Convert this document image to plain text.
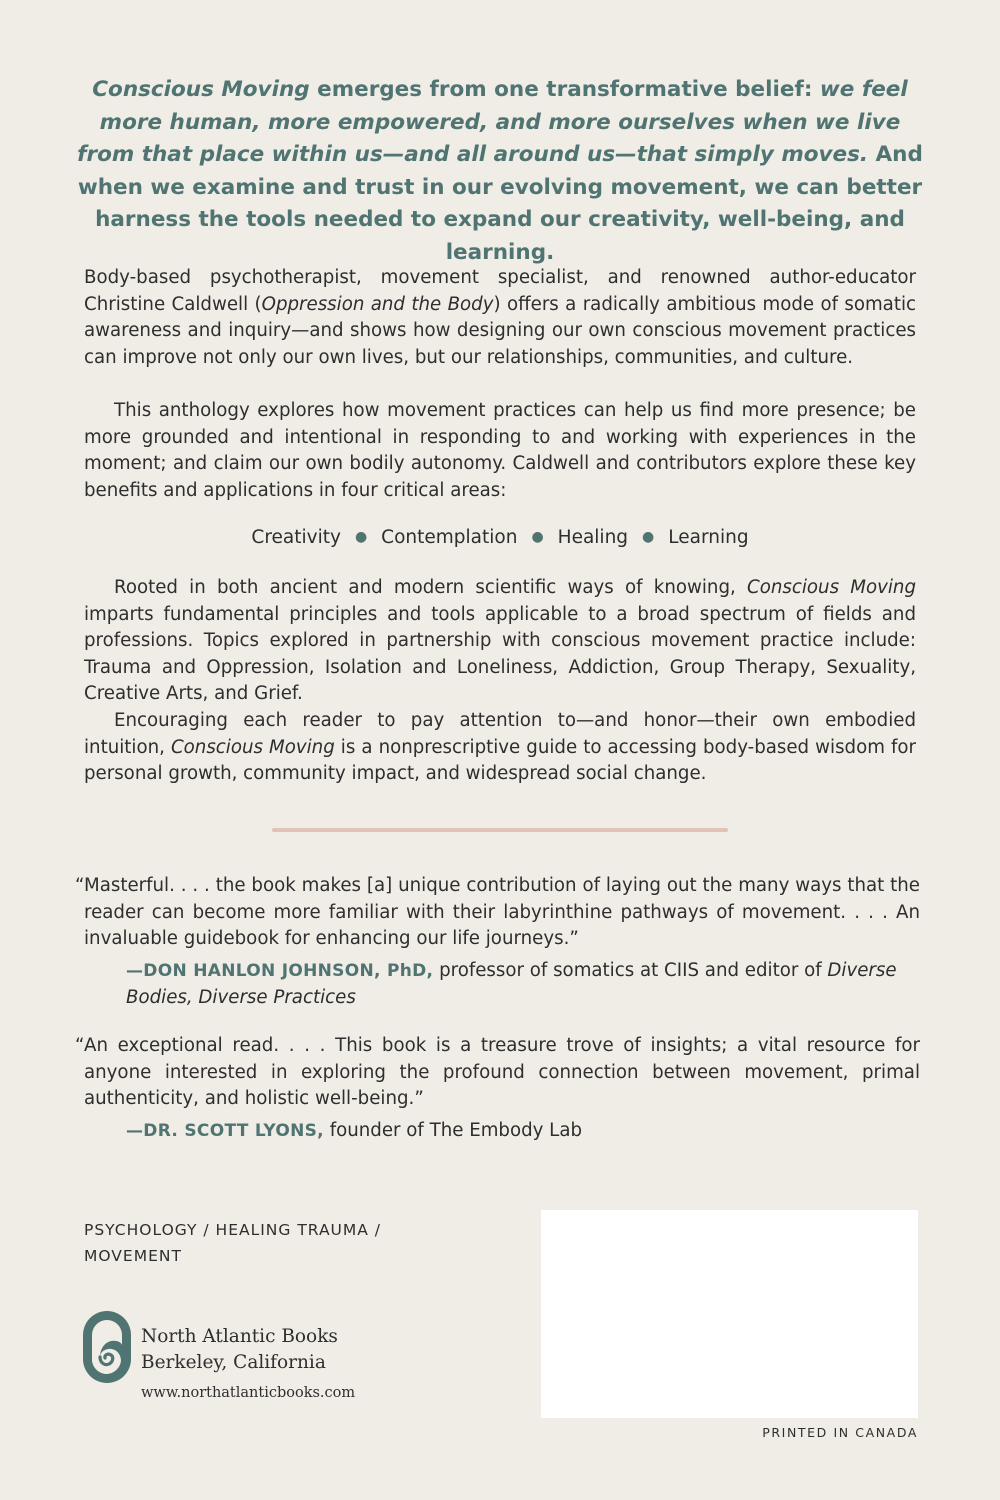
Conscious Moving emerges from one transformative belief: we feel more human, more empowered, and more ourselves when we live from that place within us—and all around us—that simply moves. And when we examine and trust in our evolving movement, we can better harness the tools needed to expand our creativity, well-being, and learning.

Body-based psychotherapist, movement specialist, and renowned author-educator Christine Caldwell (Oppression and the Body) offers a radically ambitious mode of somatic awareness and inquiry—and shows how designing our own conscious movement practices can improve not only our own lives, but our relationships, communities, and culture.

This anthology explores how movement practices can help us find more presence; be more grounded and intentional in responding to and working with experiences in the moment; and claim our own bodily autonomy. Caldwell and contributors explore these key benefits and applications in four critical areas:

Creativity ● Contemplation ● Healing ● Learning

Rooted in both ancient and modern scientific ways of knowing, Conscious Moving imparts fundamental principles and tools applicable to a broad spectrum of fields and professions. Topics explored in partnership with conscious movement practice include: Trauma and Oppression, Isolation and Loneliness, Addiction, Group Therapy, Sexuality, Creative Arts, and Grief.

Encouraging each reader to pay attention to—and honor—their own embodied intuition, Conscious Moving is a nonprescriptive guide to accessing body-based wisdom for personal growth, community impact, and widespread social change.

“ Masterful. . . . the book makes [a] unique contribution of laying out the many ways that the reader can become more familiar with their labyrinthine pathways of movement. . . . An invaluable guidebook for enhancing our life journeys.”

—DON HANLON JOHNSON, PhD, professor of somatics at CIIS and editor of Diverse Bodies, Diverse Practices

“ An exceptional read. . . . This book is a treasure trove of insights; a vital resource for anyone interested in exploring the profound connection between movement, primal authenticity, and holistic well-being.”

—DR. SCOTT LYONS, founder of The Embody Lab

PSYCHOLOGY / HEALING TRAUMA /
MOVEMENT
North Atlantic Books
Berkeley, California
www.northatlanticbooks.com
PRINTED IN CANADA
